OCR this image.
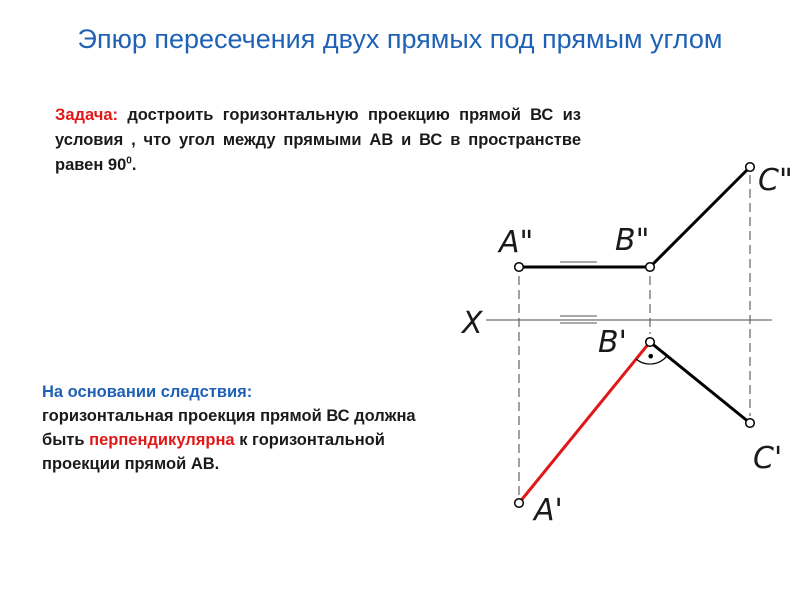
Эпюр пересечения двух прямых под прямым углом
Задача: достроить горизонтальную проекцию прямой ВС из условия , что угол между прямыми АВ и ВС в пространстве равен $90^0$.
На основании следствия:
горизонтальная проекция прямой ВС должна быть перпендикулярна к горизонтальной проекции прямой АВ.
•
A"	B"
C"
X
B'
C'
A'
